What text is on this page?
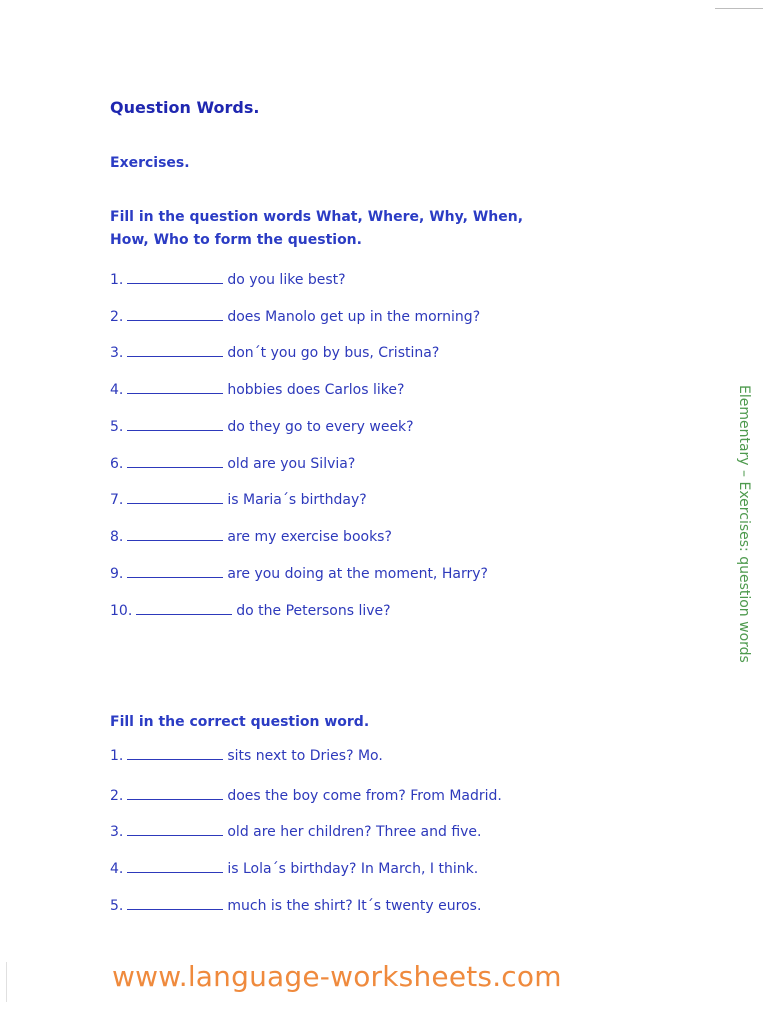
Question Words.
Exercises.
Fill in the question words What, Where, Why, When,
How, Who to form the question.
1.	do you like best?
2.	does Manolo get up in the morning?
3.	don´t you go by bus, Cristina?
4.	hobbies does Carlos like?
5.	do they go to every week?
6.	old are you Silvia?
7.	is Maria´s birthday?
8.	are my exercise books?
9.	are you doing at the moment, Harry?
10.	do the Petersons live?
Fill in the correct question word.
1.	sits next to Dries? Mo.
2.	does the boy come from? From Madrid.
3.	old are her children? Three and five.
4.	is Lola´s birthday? In March, I think.
5.	much is the shirt? It´s twenty euros.
Elementary – Exercises: question words
www.language-worksheets.com
